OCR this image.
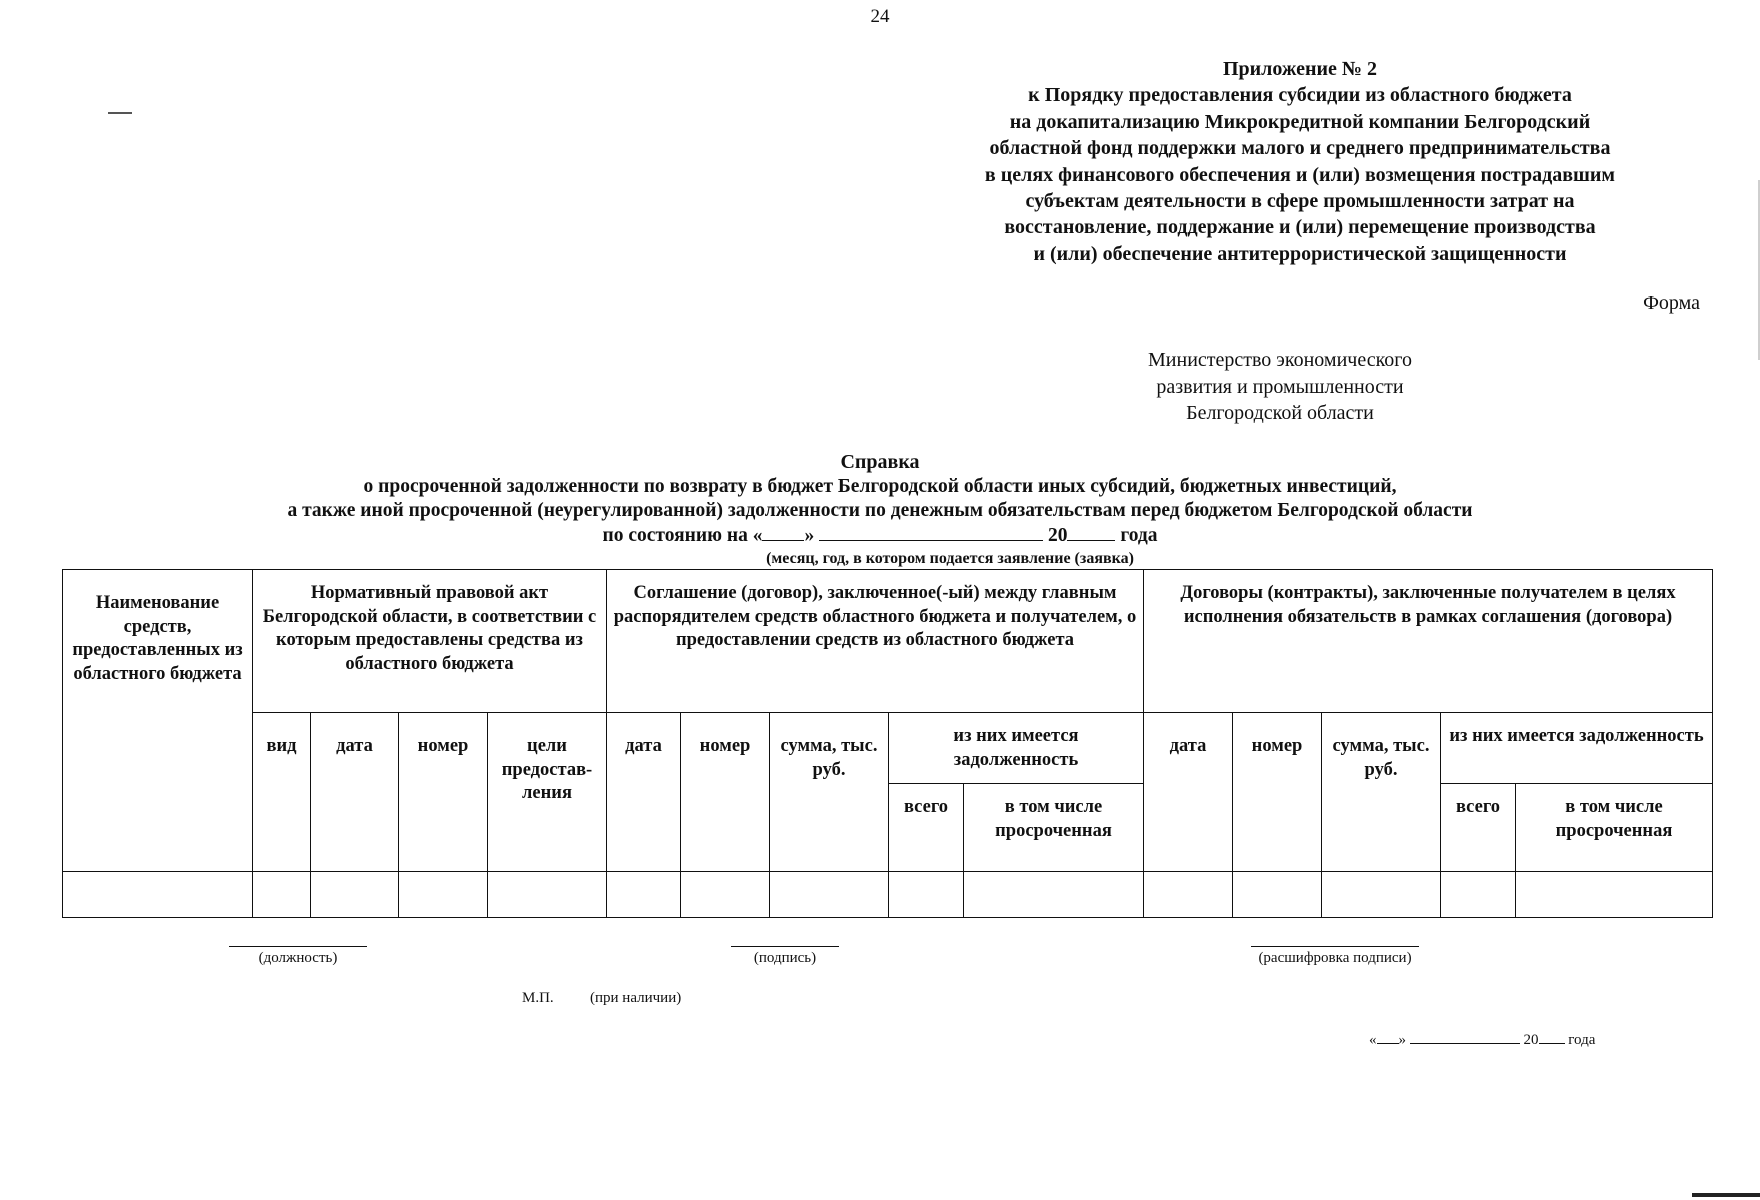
24
Приложение № 2
к Порядку предоставления субсидии из областного бюджета
на докапитализацию Микрокредитной компании Белгородский
областной фонд поддержки малого и среднего предпринимательства
в целях финансового обеспечения и (или) возмещения пострадавшим
субъектам деятельности в сфере промышленности затрат на
восстановление, поддержание и (или) перемещение производства
и (или) обеспечение антитеррористической защищенности
Форма
Министерство экономического
развития и промышленности
Белгородской области
Справка
о просроченной задолженности по возврату в бюджет Белгородской области иных субсидий, бюджетных инвестиций,
а также иной просроченной (неурегулированной) задолженности по денежным обязательствам перед бюджетом Белгородской области
по состоянию на « »	20	года
(месяц, год, в котором подается заявление (заявка)
Наименование средств, предоставленных из областного бюджета	Нормативный правовой акт Белгородской области, в соответствии с которым предоставлены средства из областного бюджета				Соглашение (договор), заключенное(-ый) между главным распорядителем средств областного бюджета и получателем, о предоставлении средств из областного бюджета					Договоры (контракты), заключенные получателем в целях исполнения обязательств в рамках соглашения (договора)				
	вид	дата	номер	цели предостав- ления	дата	номер	сумма, тыс. руб.	из них имеется задолженность		дата	номер	сумма, тыс. руб.	из них имеется задолженность	
								всего	в том числе просроченная				всего	в том числе просроченная

(должность)	(подпись)	(расшифровка подписи)
М.П. (при наличии)
« »	20 года
